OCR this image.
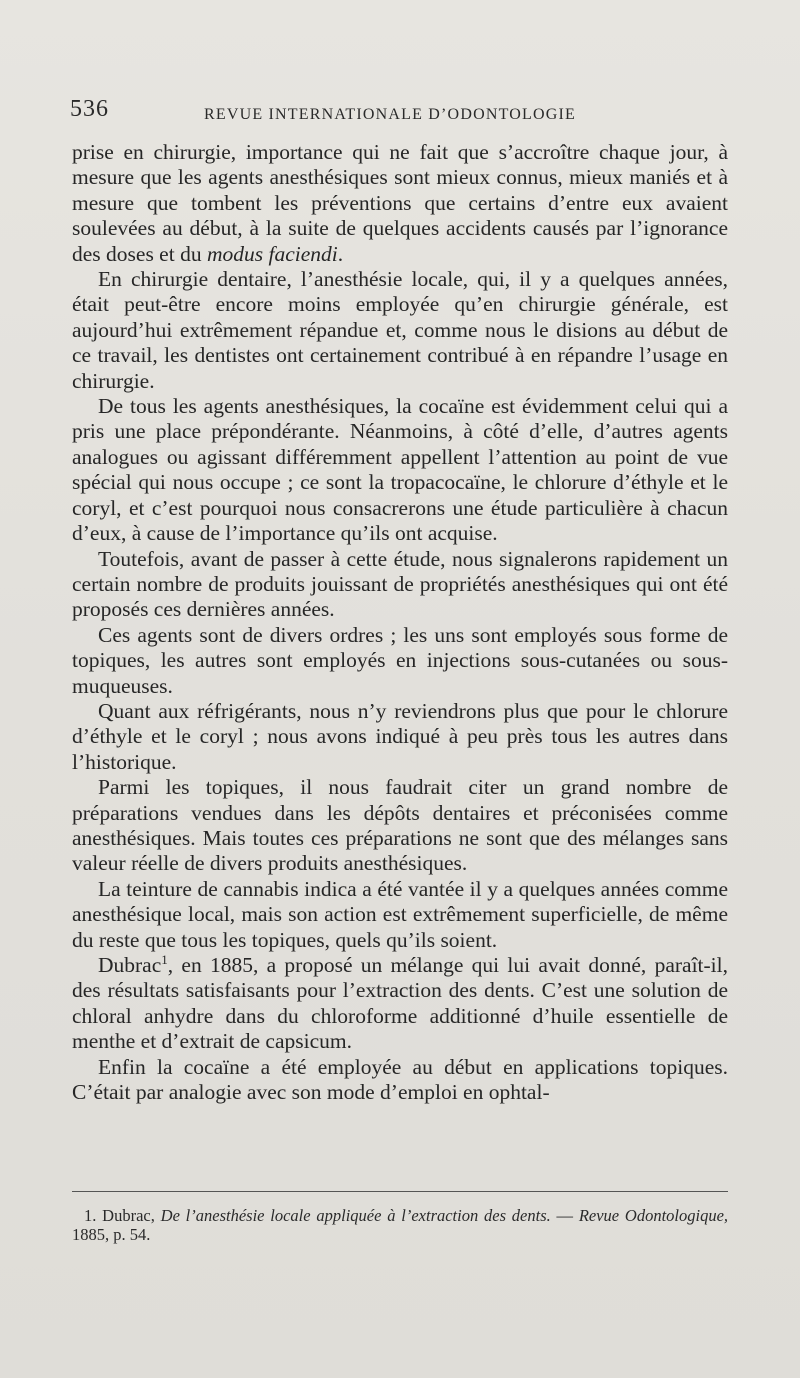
536	REVUE INTERNATIONALE D’ODONTOLOGIE

prise en chirurgie, importance qui ne fait que s’accroître chaque jour, à mesure que les agents anesthésiques sont mieux connus, mieux maniés et à mesure que tombent les préventions que certains d’entre eux avaient soulevées au début, à la suite de quelques accidents causés par l’ignorance des doses et du modus faciendi.

En chirurgie dentaire, l’anesthésie locale, qui, il y a quelques années, était peut-être encore moins employée qu’en chirurgie générale, est aujourd’hui extrêmement répandue et, comme nous le disions au début de ce travail, les dentistes ont certainement contribué à en répandre l’usage en chirurgie.

De tous les agents anesthésiques, la cocaïne est évidemment celui qui a pris une place prépondérante. Néanmoins, à côté d’elle, d’autres agents analogues ou agissant différemment appellent l’attention au point de vue spécial qui nous occupe ; ce sont la tropacocaïne, le chlorure d’éthyle et le coryl, et c’est pourquoi nous consacrerons une étude particulière à chacun d’eux, à cause de l’importance qu’ils ont acquise.

Toutefois, avant de passer à cette étude, nous signalerons rapidement un certain nombre de produits jouissant de propriétés anesthésiques qui ont été proposés ces dernières années.

Ces agents sont de divers ordres ; les uns sont employés sous forme de topiques, les autres sont employés en injections sous-cutanées ou sous-muqueuses.

Quant aux réfrigérants, nous n’y reviendrons plus que pour le chlorure d’éthyle et le coryl ; nous avons indiqué à peu près tous les autres dans l’historique.

Parmi les topiques, il nous faudrait citer un grand nombre de préparations vendues dans les dépôts dentaires et préconisées comme anesthésiques. Mais toutes ces préparations ne sont que des mélanges sans valeur réelle de divers produits anesthésiques.

La teinture de cannabis indica a été vantée il y a quelques années comme anesthésique local, mais son action est extrêmement superficielle, de même du reste que tous les topiques, quels qu’ils soient.

Dubrac$^1$, en 1885, a proposé un mélange qui lui avait donné, paraît-il, des résultats satisfaisants pour l’extraction des dents. C’est une solution de chloral anhydre dans du chloroforme additionné d’huile essentielle de menthe et d’extrait de capsicum.

Enfin la cocaïne a été employée au début en applications topiques. C’était par analogie avec son mode d’emploi en ophtal-

1. Dubrac, De l’anesthésie locale appliquée à l’extraction des dents. — Revue Odontologique, 1885, p. 54.
